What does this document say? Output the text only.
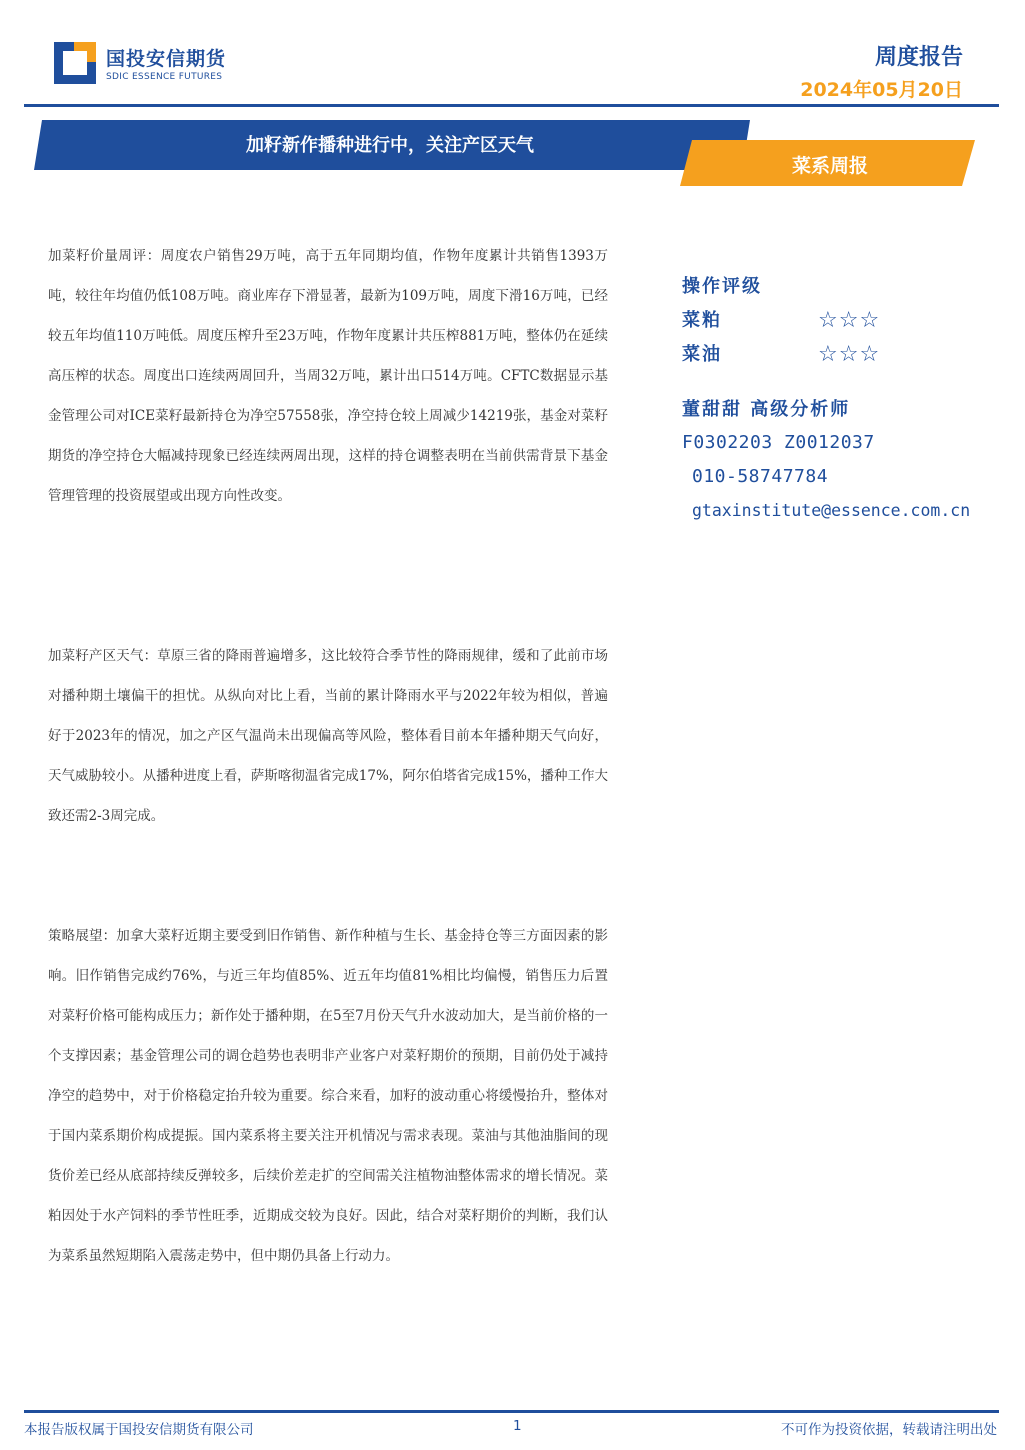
国投安信期货
SDIC ESSENCE FUTURES
周度报告
2024年05月20日
加籽新作播种进行中，关注产区天气
菜系周报

加菜籽价量周评：周度农户销售29万吨，高于五年同期均值，作物年度累计共销售1393万吨，较往年均值仍低108万吨。商业库存下滑显著，最新为109万吨，周度下滑16万吨，已经较五年均值110万吨低。周度压榨升至23万吨，作物年度累计共压榨881万吨，整体仍在延续高压榨的状态。周度出口连续两周回升，当周32万吨，累计出口514万吨。CFTC数据显示基金管理公司对ICE菜籽最新持仓为净空57558张，净空持仓较上周减少14219张，基金对菜籽期货的净空持仓大幅减持现象已经连续两周出现，这样的持仓调整表明在当前供需背景下基金管理管理的投资展望或出现方向性改变。

加菜籽产区天气：草原三省的降雨普遍增多，这比较符合季节性的降雨规律，缓和了此前市场对播种期土壤偏干的担忧。从纵向对比上看，当前的累计降雨水平与2022年较为相似，普遍好于2023年的情况，加之产区气温尚未出现偏高等风险，整体看目前本年播种期天气向好，天气威胁较小。从播种进度上看，萨斯喀彻温省完成17%，阿尔伯塔省完成15%，播种工作大致还需2-3周完成。

策略展望：加拿大菜籽近期主要受到旧作销售、新作种植与生长、基金持仓等三方面因素的影响。旧作销售完成约76%，与近三年均值85%、近五年均值81%相比均偏慢，销售压力后置对菜籽价格可能构成压力；新作处于播种期，在5至7月份天气升水波动加大，是当前价格的一个支撑因素；基金管理公司的调仓趋势也表明非产业客户对菜籽期价的预期，目前仍处于减持净空的趋势中，对于价格稳定抬升较为重要。综合来看，加籽的波动重心将缓慢抬升，整体对于国内菜系期价构成提振。国内菜系将主要关注开机情况与需求表现。菜油与其他油脂间的现货价差已经从底部持续反弹较多，后续价差走扩的空间需关注植物油整体需求的增长情况。菜粕因处于水产饲料的季节性旺季，近期成交较为良好。因此，结合对菜籽期价的判断，我们认为菜系虽然短期陷入震荡走势中，但中期仍具备上行动力。

操作评级
菜粕	☆☆☆
菜油	☆☆☆
董甜甜 高级分析师
F0302203 Z0012037
010-58747784
gtaxinstitute@essence.com.cn
本报告版权属于国投安信期货有限公司	1	不可作为投资依据，转载请注明出处
